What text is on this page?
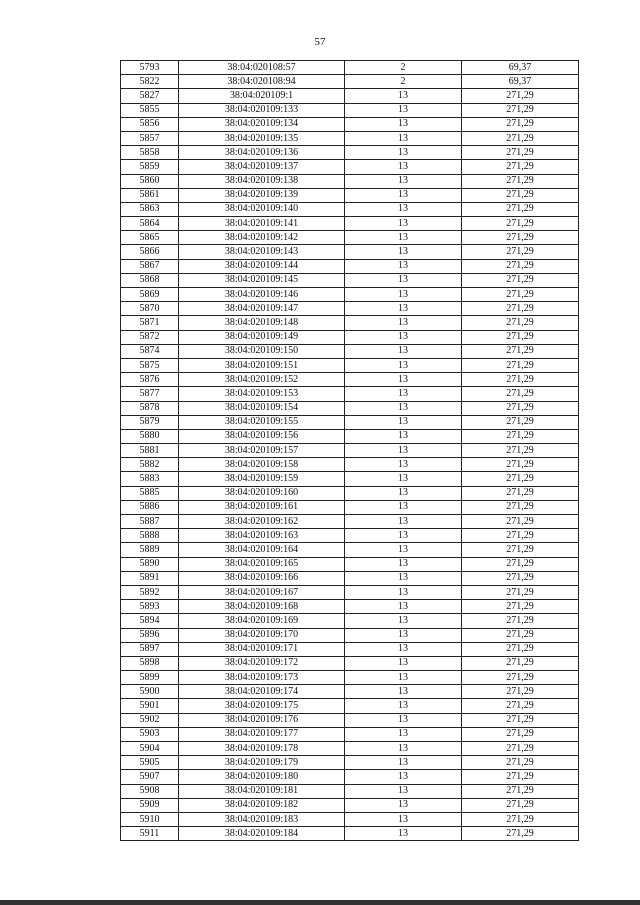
57
5793	38:04:020108:57	2	69,37
5822	38:04:020108:94	2	69,37
5827	38:04:020109:1	13	271,29
5855	38:04:020109:133	13	271,29
5856	38:04:020109:134	13	271,29
5857	38:04:020109:135	13	271,29
5858	38:04:020109:136	13	271,29
5859	38:04:020109:137	13	271,29
5860	38:04:020109:138	13	271,29
5861	38:04:020109:139	13	271,29
5863	38:04:020109:140	13	271,29
5864	38:04:020109:141	13	271,29
5865	38:04:020109:142	13	271,29
5866	38:04:020109:143	13	271,29
5867	38:04:020109:144	13	271,29
5868	38:04:020109:145	13	271,29
5869	38:04:020109:146	13	271,29
5870	38:04:020109:147	13	271,29
5871	38:04:020109:148	13	271,29
5872	38:04:020109:149	13	271,29
5874	38:04:020109:150	13	271,29
5875	38:04:020109:151	13	271,29
5876	38:04:020109:152	13	271,29
5877	38:04:020109:153	13	271,29
5878	38:04:020109:154	13	271,29
5879	38:04:020109:155	13	271,29
5880	38:04:020109:156	13	271,29
5881	38:04:020109:157	13	271,29
5882	38:04:020109:158	13	271,29
5883	38:04:020109:159	13	271,29
5885	38:04:020109:160	13	271,29
5886	38:04:020109:161	13	271,29
5887	38:04:020109:162	13	271,29
5888	38:04:020109:163	13	271,29
5889	38:04:020109:164	13	271,29
5890	38:04:020109:165	13	271,29
5891	38:04:020109:166	13	271,29
5892	38:04:020109:167	13	271,29
5893	38:04:020109:168	13	271,29
5894	38:04:020109:169	13	271,29
5896	38:04:020109:170	13	271,29
5897	38:04:020109:171	13	271,29
5898	38:04:020109:172	13	271,29
5899	38:04:020109:173	13	271,29
5900	38:04:020109:174	13	271,29
5901	38:04:020109:175	13	271,29
5902	38:04:020109:176	13	271,29
5903	38:04:020109:177	13	271,29
5904	38:04:020109:178	13	271,29
5905	38:04:020109:179	13	271,29
5907	38:04:020109:180	13	271,29
5908	38:04:020109:181	13	271,29
5909	38:04:020109:182	13	271,29
5910	38:04:020109:183	13	271,29
5911	38:04:020109:184	13	271,29
